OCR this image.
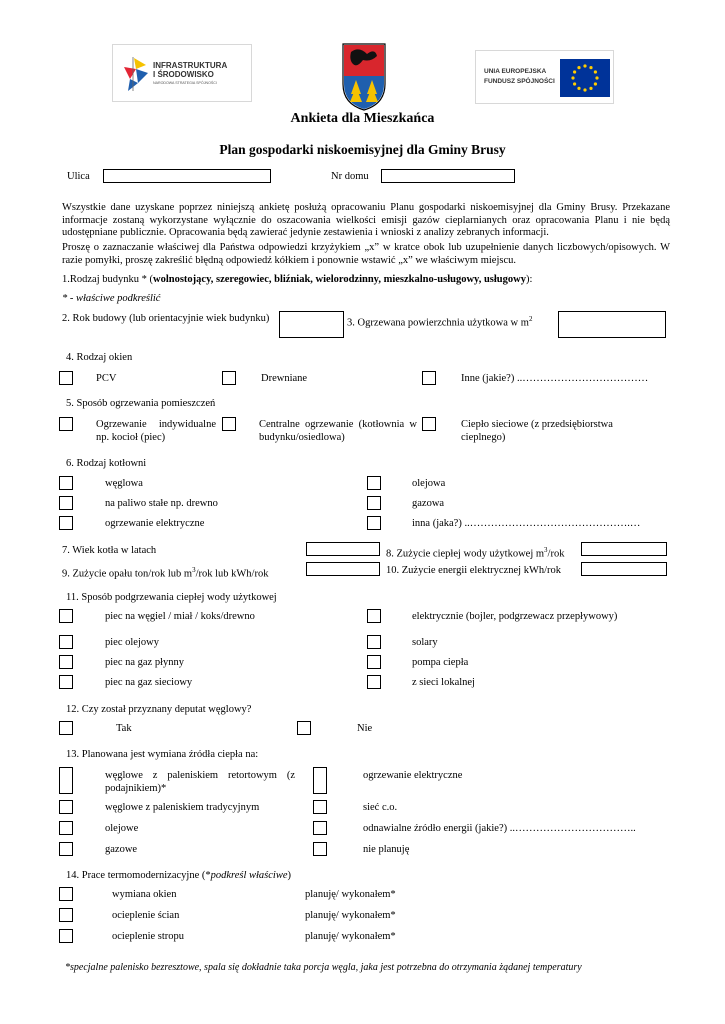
INFRASTRUKTURA
I ŚRODOWISKO
NARODOWA STRATEGIA SPÓJNOŚCI
UNIA EUROPEJSKA
FUNDUSZ SPÓJNOŚCI
Ankieta dla Mieszkańca
Plan gospodarki niskoemisyjnej dla Gminy Brusy
Ulica	Nr domu
Wszystkie dane uzyskane poprzez niniejszą ankietę posłużą opracowaniu Planu gospodarki niskoemisyjnej dla Gminy Brusy. Przekazane informacje zostaną wykorzystane wyłącznie do oszacowania wielkości emisji gazów cieplarnianych oraz opracowania Planu i nie będą udostępniane publicznie. Opracowania będą zawierać jedynie zestawienia i wnioski z analizy zebranych informacji.
Proszę o zaznaczanie właściwej dla Państwa odpowiedzi krzyżykiem „x” w kratce obok lub uzupełnienie danych liczbowych/opisowych. W razie pomyłki, proszę zakreślić błędną odpowiedź kółkiem i ponownie wstawić „x” we właściwym miejscu.
1.Rodzaj budynku * (wolnostojący, szeregowiec, bliźniak, wielorodzinny, mieszkalno-usługowy, usługowy):
* - właściwe podkreślić
2. Rok budowy (lub orientacyjnie wiek budynku)	3. Ogrzewana powierzchnia użytkowa w $m^2$
4. Rodzaj okien
PCV	Drewniane	Inne (jakie?) ..………………………………
5. Sposób ogrzewania pomieszczeń
Ogrzewanie indywidualne np. kocioł (piec)
Centralne ogrzewanie (kotłownia w budynku/osiedlowa)
Ciepło sieciowe (z przedsiębiorstwa cieplnego)
6. Rodzaj kotłowni
węglowa
na paliwo stałe np. drewno
ogrzewanie elektryczne
olejowa
gazowa
inna (jaka?) ..……………………………………….…
7. Wiek kotła w latach	8. Zużycie ciepłej wody użytkowej $m^3$/rok
9. Zużycie opału ton/rok lub $m^3$/rok lub kWh/rok	10. Zużycie energii elektrycznej kWh/rok
11. Sposób podgrzewania ciepłej wody użytkowej
piec na węgiel / miał / koks/drewno
piec olejowy
piec na gaz płynny
piec na gaz sieciowy
elektrycznie (bojler, podgrzewacz przepływowy)
solary
pompa ciepła
z sieci lokalnej
12. Czy został przyznany deputat węglowy?
Tak	Nie
13. Planowana jest wymiana źródła ciepła na:
węglowe z paleniskiem retortowym (z podajnikiem)*
węglowe z paleniskiem tradycyjnym
olejowe
gazowe
ogrzewanie elektryczne
sieć c.o.
odnawialne źródło energii (jakie?) ..……………………………..
nie planuję
14. Prace termomodernizacyjne (*podkreśl właściwe)
wymiana okien	planuję/ wykonałem*
ocieplenie ścian	planuję/ wykonałem*
ocieplenie stropu	planuję/ wykonałem*
*specjalne palenisko bezresztowe, spala się dokładnie taka porcja węgla, jaka jest potrzebna do otrzymania żądanej temperatury
